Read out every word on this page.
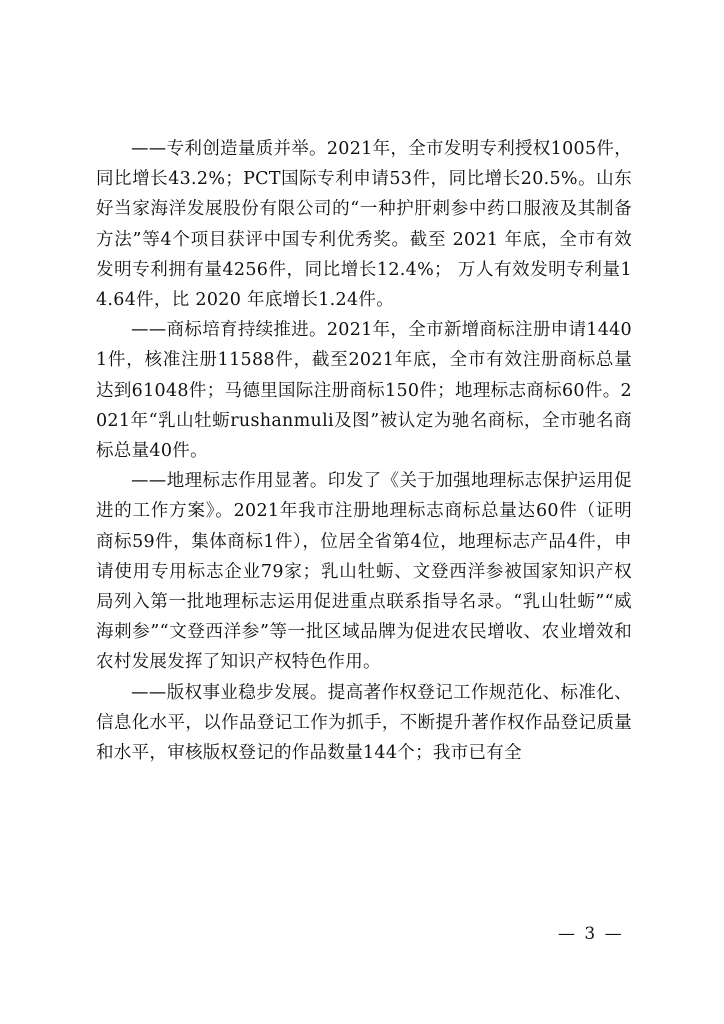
——专利创造量质并举。2021年，全市发明专利授权1005件，同比增长43.2%；PCT国际专利申请53件，同比增长20.5%。山东好当家海洋发展股份有限公司的“一种护肝刺参中药口服液及其制备方法”等4个项目获评中国专利优秀奖。截至 2021 年底，全市有效发明专利拥有量4256件，同比增长12.4%； 万人有效发明专利量14.64件，比 2020 年底增长1.24件。

——商标培育持续推进。2021年，全市新增商标注册申请14401件，核准注册11588件，截至2021年底，全市有效注册商标总量达到61048件；马德里国际注册商标150件；地理标志商标60件。2021年“乳山牡蛎rushanmuli及图”被认定为驰名商标，全市驰名商标总量40件。

——地理标志作用显著。印发了《关于加强地理标志保护运用促进的工作方案》。2021年我市注册地理标志商标总量达60件（证明商标59件，集体商标1件），位居全省第4位，地理标志产品4件，申请使用专用标志企业79家；乳山牡蛎、文登西洋参被国家知识产权局列入第一批地理标志运用促进重点联系指导名录。“乳山牡蛎”“威海刺参”“文登西洋参”等一批区域品牌为促进农民增收、农业增效和农村发展发挥了知识产权特色作用。

——版权事业稳步发展。提高著作权登记工作规范化、标准化、信息化水平，以作品登记工作为抓手，不断提升著作权作品登记质量和水平，审核版权登记的作品数量144个；我市已有全

— 3 —
